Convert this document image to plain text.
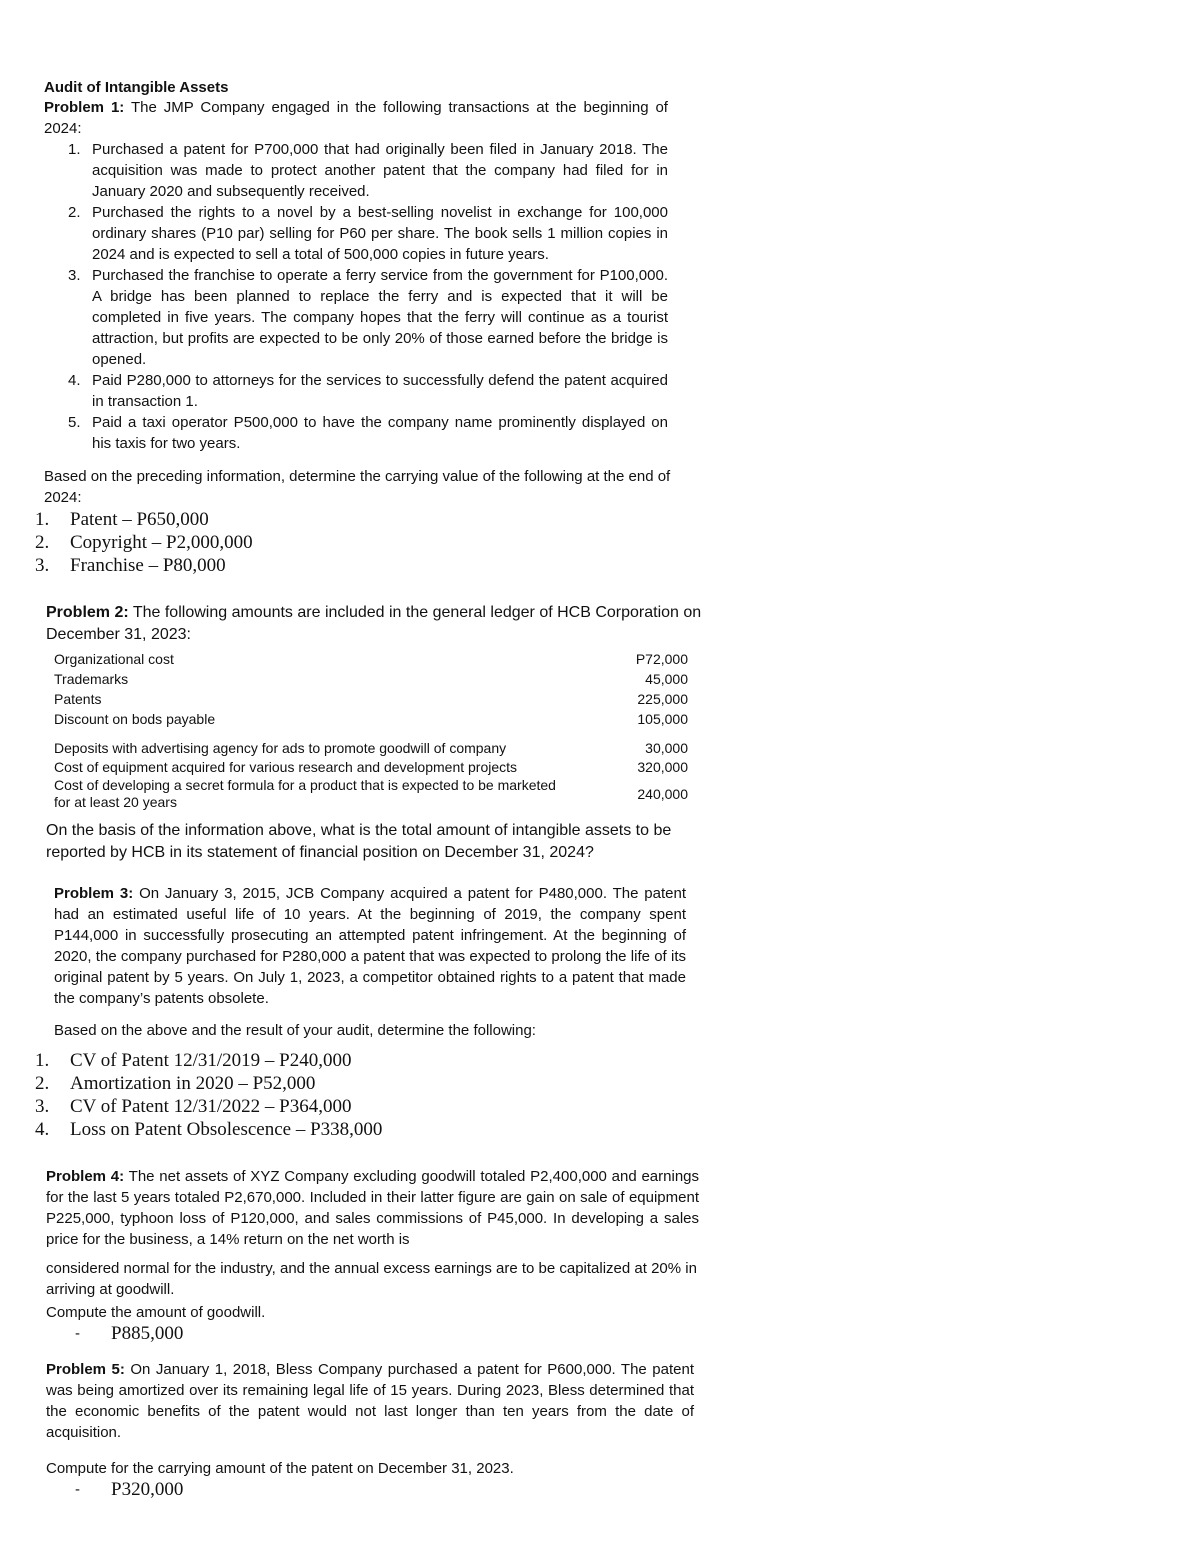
Audit of Intangible Assets
Problem 1: The JMP Company engaged in the following transactions at the beginning of 2024:
1. Purchased a patent for P700,000 that had originally been filed in January 2018. The acquisition was made to protect another patent that the company had filed for in January 2020 and subsequently received.
2. Purchased the rights to a novel by a best-selling novelist in exchange for 100,000 ordinary shares (P10 par) selling for P60 per share. The book sells 1 million copies in 2024 and is expected to sell a total of 500,000 copies in future years.
3. Purchased the franchise to operate a ferry service from the government for P100,000. A bridge has been planned to replace the ferry and is expected that it will be completed in five years. The company hopes that the ferry will continue as a tourist attraction, but profits are expected to be only 20% of those earned before the bridge is opened.
4. Paid P280,000 to attorneys for the services to successfully defend the patent acquired in transaction 1.
5. Paid a taxi operator P500,000 to have the company name prominently displayed on his taxis for two years.
Based on the preceding information, determine the carrying value of the following at the end of 2024:
1. Patent – P650,000
2. Copyright – P2,000,000
3. Franchise – P80,000
Problem 2: The following amounts are included in the general ledger of HCB Corporation on December 31, 2023:
Organizational cost	P72,000
Trademarks	45,000
Patents	225,000
Discount on bods payable	105,000
Deposits with advertising agency for ads to promote goodwill of company	30,000
Cost of equipment acquired for various research and development projects	320,000
Cost of developing a secret formula for a product that is expected to be marketed for at least 20 years	240,000
On the basis of the information above, what is the total amount of intangible assets to be reported by HCB in its statement of financial position on December 31, 2024?
Problem 3: On January 3, 2015, JCB Company acquired a patent for P480,000. The patent had an estimated useful life of 10 years. At the beginning of 2019, the company spent P144,000 in successfully prosecuting an attempted patent infringement. At the beginning of 2020, the company purchased for P280,000 a patent that was expected to prolong the life of its original patent by 5 years. On July 1, 2023, a competitor obtained rights to a patent that made the company’s patents obsolete.
Based on the above and the result of your audit, determine the following:
1. CV of Patent 12/31/2019 – P240,000
2. Amortization in 2020 – P52,000
3. CV of Patent 12/31/2022 – P364,000
4. Loss on Patent Obsolescence – P338,000
Problem 4: The net assets of XYZ Company excluding goodwill totaled P2,400,000 and earnings for the last 5 years totaled P2,670,000. Included in their latter figure are gain on sale of equipment P225,000, typhoon loss of P120,000, and sales commissions of P45,000. In developing a sales price for the business, a 14% return on the net worth is
considered normal for the industry, and the annual excess earnings are to be capitalized at 20% in arriving at goodwill.
Compute the amount of goodwill.
- P885,000
Problem 5: On January 1, 2018, Bless Company purchased a patent for P600,000. The patent was being amortized over its remaining legal life of 15 years. During 2023, Bless determined that the economic benefits of the patent would not last longer than ten years from the date of acquisition.
Compute for the carrying amount of the patent on December 31, 2023.
- P320,000
